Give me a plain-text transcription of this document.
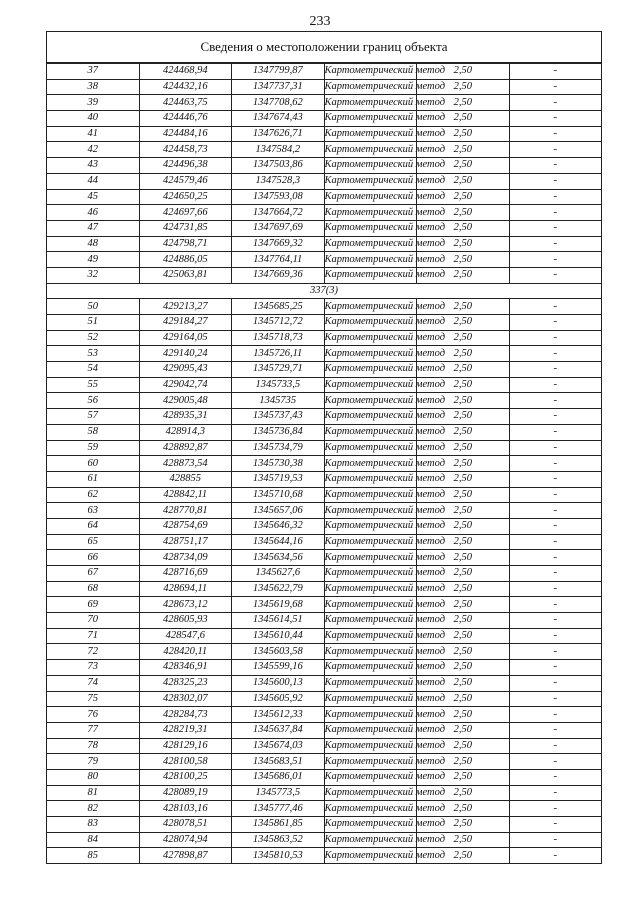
233
Сведения о местоположении границ объекта					
37	424468,94	1347799,87	Картометрический метод	2,50	-
38	424432,16	1347737,31	Картометрический метод	2,50	-
39	424463,75	1347708,62	Картометрический метод	2,50	-
40	424446,76	1347674,43	Картометрический метод	2,50	-
41	424484,16	1347626,71	Картометрический метод	2,50	-
42	424458,73	1347584,2	Картометрический метод	2,50	-
43	424496,38	1347503,86	Картометрический метод	2,50	-
44	424579,46	1347528,3	Картометрический метод	2,50	-
45	424650,25	1347593,08	Картометрический метод	2,50	-
46	424697,66	1347664,72	Картометрический метод	2,50	-
47	424731,85	1347697,69	Картометрический метод	2,50	-
48	424798,71	1347669,32	Картометрический метод	2,50	-
49	424886,05	1347764,11	Картометрический метод	2,50	-
32	425063,81	1347669,36	Картометрический метод	2,50	-
337(3)					
50	429213,27	1345685,25	Картометрический метод	2,50	-
51	429184,27	1345712,72	Картометрический метод	2,50	-
52	429164,05	1345718,73	Картометрический метод	2,50	-
53	429140,24	1345726,11	Картометрический метод	2,50	-
54	429095,43	1345729,71	Картометрический метод	2,50	-
55	429042,74	1345733,5	Картометрический метод	2,50	-
56	429005,48	1345735	Картометрический метод	2,50	-
57	428935,31	1345737,43	Картометрический метод	2,50	-
58	428914,3	1345736,84	Картометрический метод	2,50	-
59	428892,87	1345734,79	Картометрический метод	2,50	-
60	428873,54	1345730,38	Картометрический метод	2,50	-
61	428855	1345719,53	Картометрический метод	2,50	-
62	428842,11	1345710,68	Картометрический метод	2,50	-
63	428770,81	1345657,06	Картометрический метод	2,50	-
64	428754,69	1345646,32	Картометрический метод	2,50	-
65	428751,17	1345644,16	Картометрический метод	2,50	-
66	428734,09	1345634,56	Картометрический метод	2,50	-
67	428716,69	1345627,6	Картометрический метод	2,50	-
68	428694,11	1345622,79	Картометрический метод	2,50	-
69	428673,12	1345619,68	Картометрический метод	2,50	-
70	428605,93	1345614,51	Картометрический метод	2,50	-
71	428547,6	1345610,44	Картометрический метод	2,50	-
72	428420,11	1345603,58	Картометрический метод	2,50	-
73	428346,91	1345599,16	Картометрический метод	2,50	-
74	428325,23	1345600,13	Картометрический метод	2,50	-
75	428302,07	1345605,92	Картометрический метод	2,50	-
76	428284,73	1345612,33	Картометрический метод	2,50	-
77	428219,31	1345637,84	Картометрический метод	2,50	-
78	428129,16	1345674,03	Картометрический метод	2,50	-
79	428100,58	1345683,51	Картометрический метод	2,50	-
80	428100,25	1345686,01	Картометрический метод	2,50	-
81	428089,19	1345773,5	Картометрический метод	2,50	-
82	428103,16	1345777,46	Картометрический метод	2,50	-
83	428078,51	1345861,85	Картометрический метод	2,50	-
84	428074,94	1345863,52	Картометрический метод	2,50	-
85	427898,87	1345810,53	Картометрический метод	2,50	-
